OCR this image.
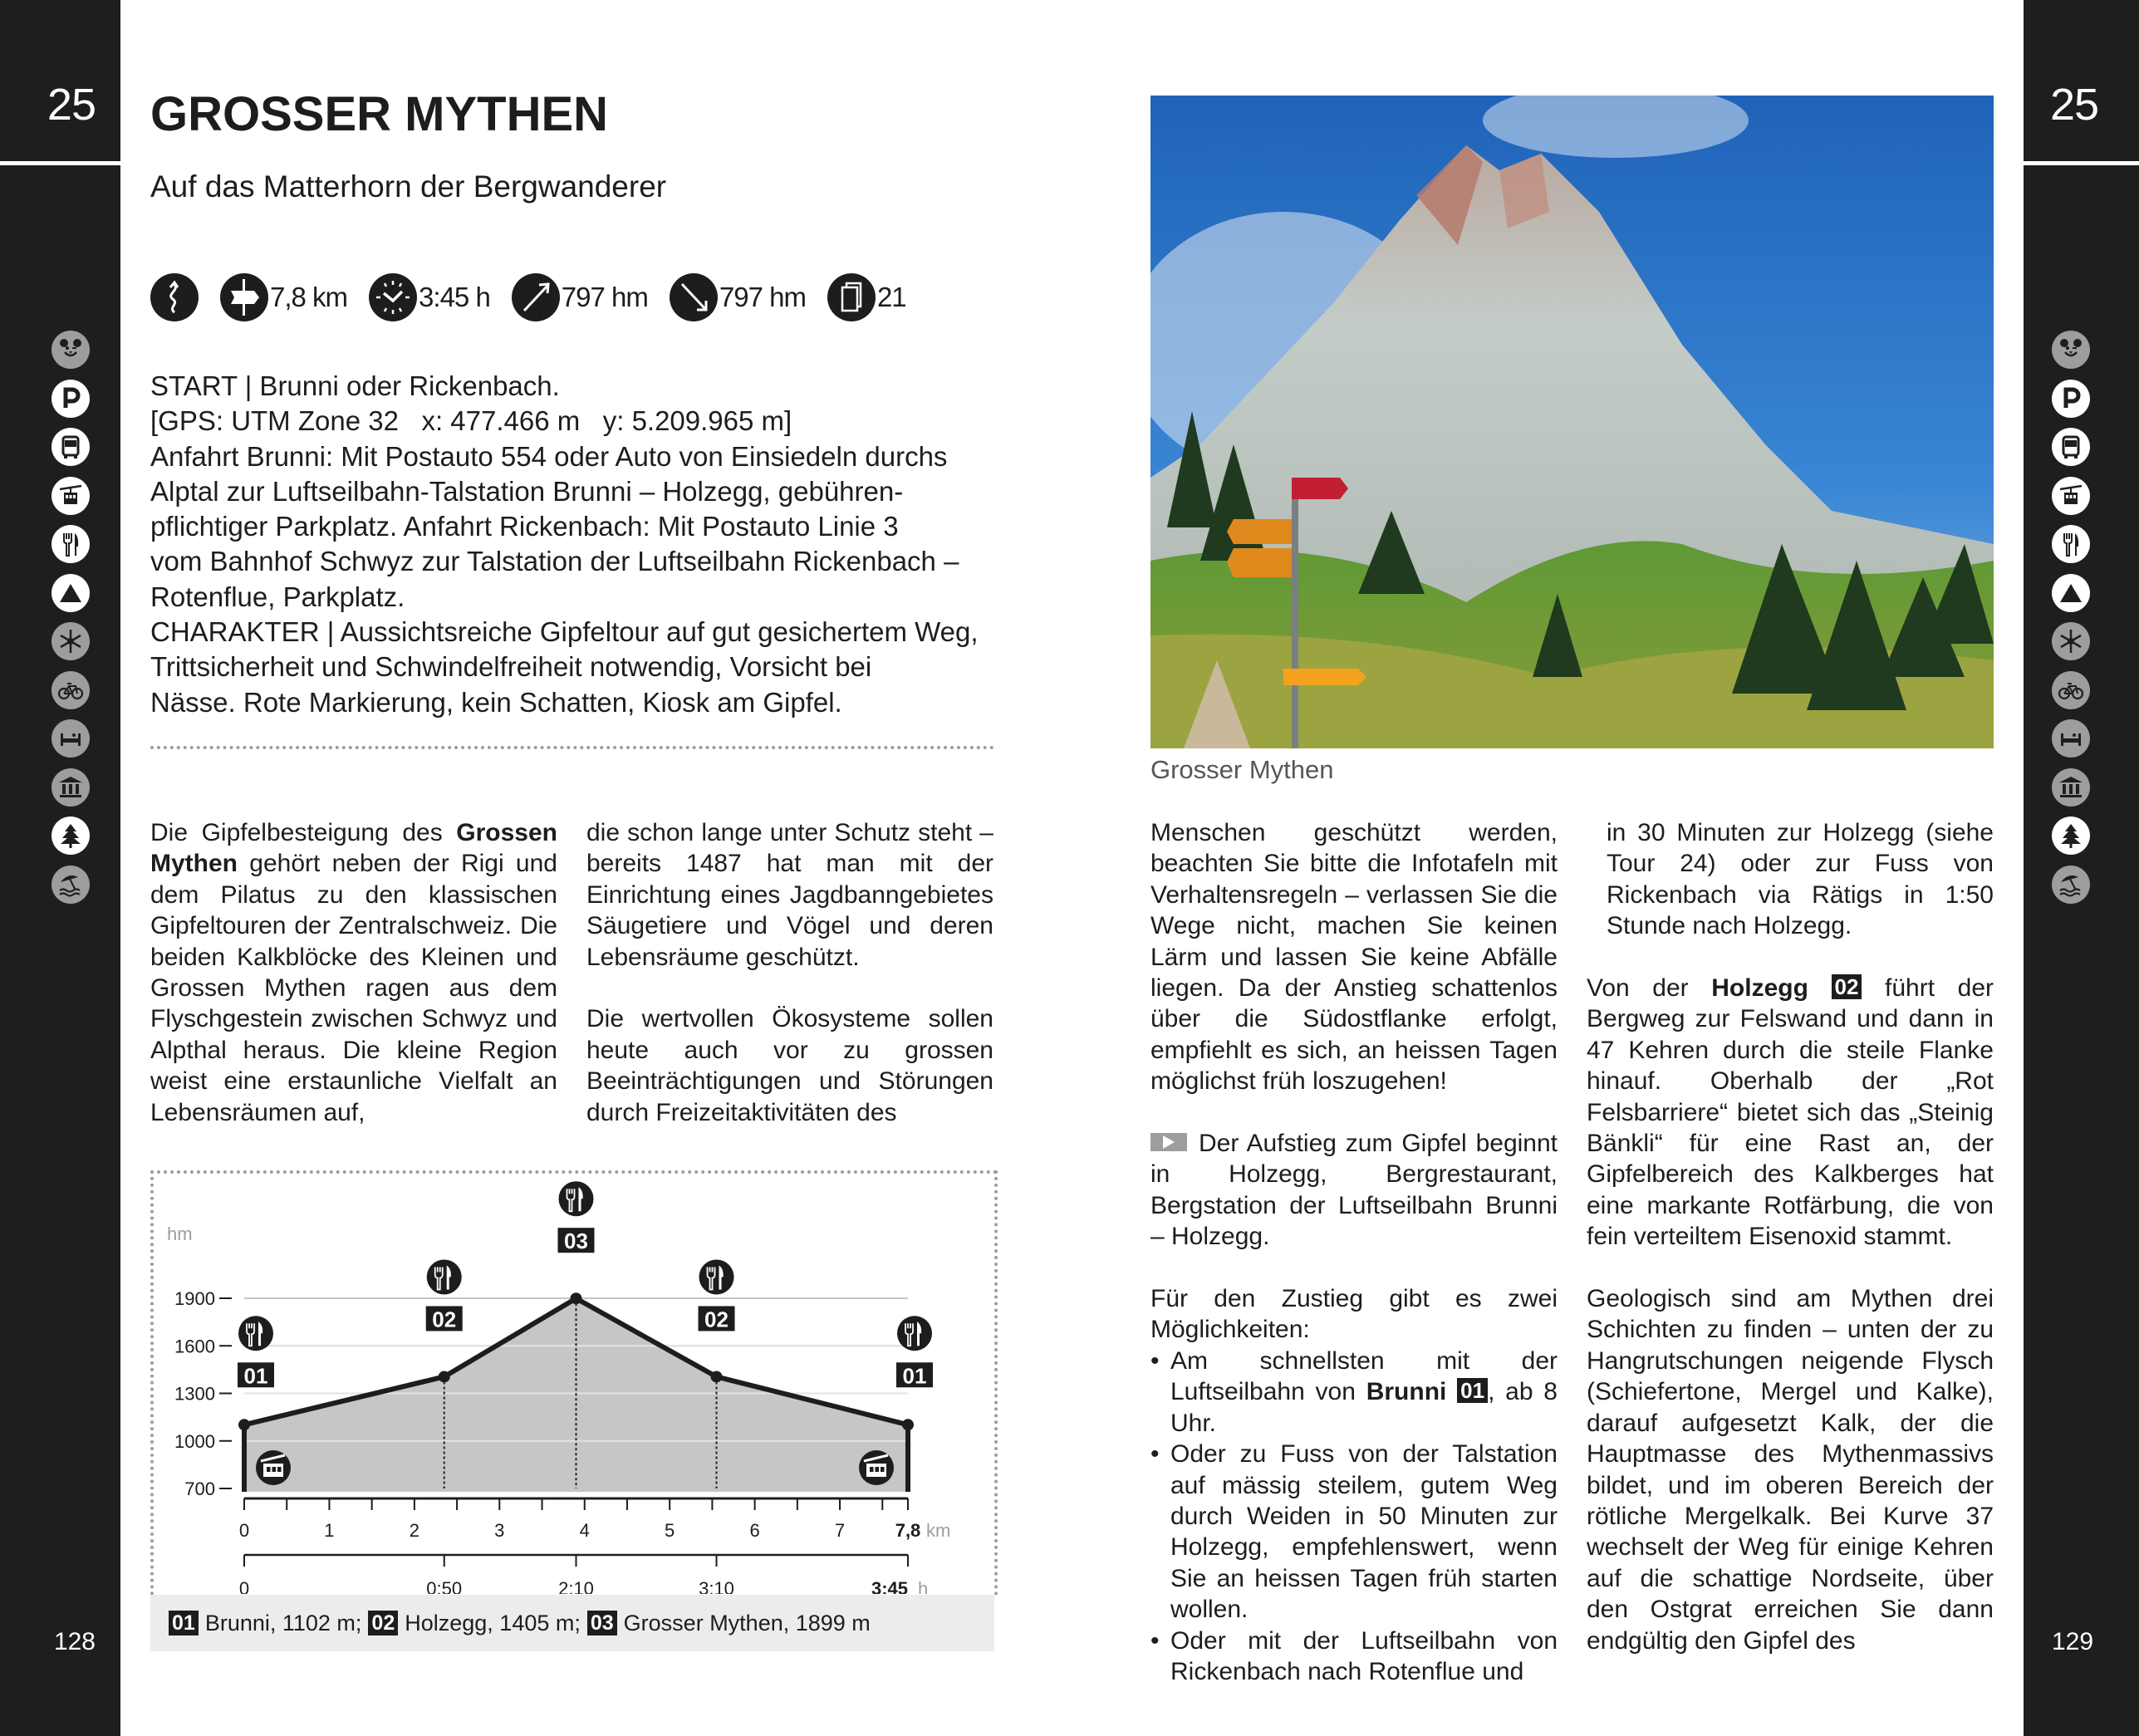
25
128
25
129
GROSSER MYTHEN
Auf das Matterhorn der Bergwanderer
7,8 km	3:45 h	797 hm	797 hm	21
START | Brunni oder Rickenbach.
[GPS: UTM Zone 32   x: 477.466 m   y: 5.209.965 m]
Anfahrt Brunni: Mit Postauto 554 oder Auto von Einsiedeln durchs
Alptal zur Luftseilbahn-Talstation Brunni – Holzegg, gebühren-
pflichtiger Parkplatz. Anfahrt Rickenbach: Mit Postauto Linie 3
vom Bahnhof Schwyz zur Talstation der Luftseilbahn Rickenbach –
Rotenflue, Parkplatz.
CHARAKTER | Aussichtsreiche Gipfeltour auf gut gesichertem Weg,
Trittsicherheit und Schwindelfreiheit notwendig, Vorsicht bei
Nässe. Rote Markierung, kein Schatten, Kiosk am Gipfel.

Die Gipfelbesteigung des Grossen Mythen gehört neben der Rigi und dem Pilatus zu den klassischen Gipfeltouren der Zentralschweiz. Die beiden Kalkblöcke des Kleinen und Grossen Mythen ragen aus dem Flyschgestein zwischen Schwyz und Alpthal heraus. Die kleine Region weist eine erstaunliche Vielfalt an Lebensräumen auf,

die schon lange unter Schutz steht – bereits 1487 hat man mit der Einrichtung eines Jagdbanngebietes Säugetiere und Vögel und deren Lebensräume geschützt.

Die wertvollen Ökosysteme sollen heute auch vor zu grossen Beeinträchtigungen und Störungen durch Freizeitaktivitäten des

hm
700
1000
1300
1600
1900
01
02
03
02
01
0	1	2	3	4	5	6	7	7,8 km
0	0:50	2:10	3:10	3:45 h
01 Brunni, 1102 m; 02 Holzegg, 1405 m; 03 Grosser Mythen, 1899 m
Grosser Mythen

Menschen geschützt werden, beachten Sie bitte die Infotafeln mit Verhaltensregeln – verlassen Sie die Wege nicht, machen Sie keinen Lärm und lassen Sie keine Abfälle liegen. Da der Anstieg schattenlos über die Südostflanke erfolgt, empfiehlt es sich, an heissen Tagen möglichst früh loszugehen!

Der Aufstieg zum Gipfel beginnt in Holzegg, Bergrestaurant, Bergstation der Luftseilbahn Brunni – Holzegg.

Für den Zustieg gibt es zwei Möglichkeiten:

• Am schnellsten mit der Luftseilbahn von Brunni 01 , ab 8 Uhr.
• Oder zu Fuss von der Talstation auf mässig steilem, gutem Weg durch Weiden in 50 Minuten zur Holzegg, empfehlenswert, wenn Sie an heissen Tagen früh starten wollen.
• Oder mit der Luftseilbahn von Rickenbach nach Rotenflue und
in 30 Minuten zur Holzegg (siehe Tour 24) oder zur Fuss von Rickenbach via Rätigs in 1:50 Stunde nach Holzegg.

Von der Holzegg 02 führt der Bergweg zur Felswand und dann in 47 Kehren durch die steile Flanke hinauf. Oberhalb der „Rot Felsbarriere“ bietet sich das „Steinig Bänkli“ für eine Rast an, der Gipfelbereich des Kalkberges hat eine markante Rotfärbung, die von fein verteiltem Eisenoxid stammt.

Geologisch sind am Mythen drei Schichten zu finden – unten der zu Hangrutschungen neigende Flysch (Schiefertone, Mergel und Kalke), darauf aufgesetzt Kalk, der die Hauptmasse des Mythenmassivs bildet, und im oberen Bereich der rötliche Mergelkalk. Bei Kurve 37 wechselt der Weg für einige Kehren auf die schattige Nordseite, über den Ostgrat erreichen Sie dann endgültig den Gipfel des
